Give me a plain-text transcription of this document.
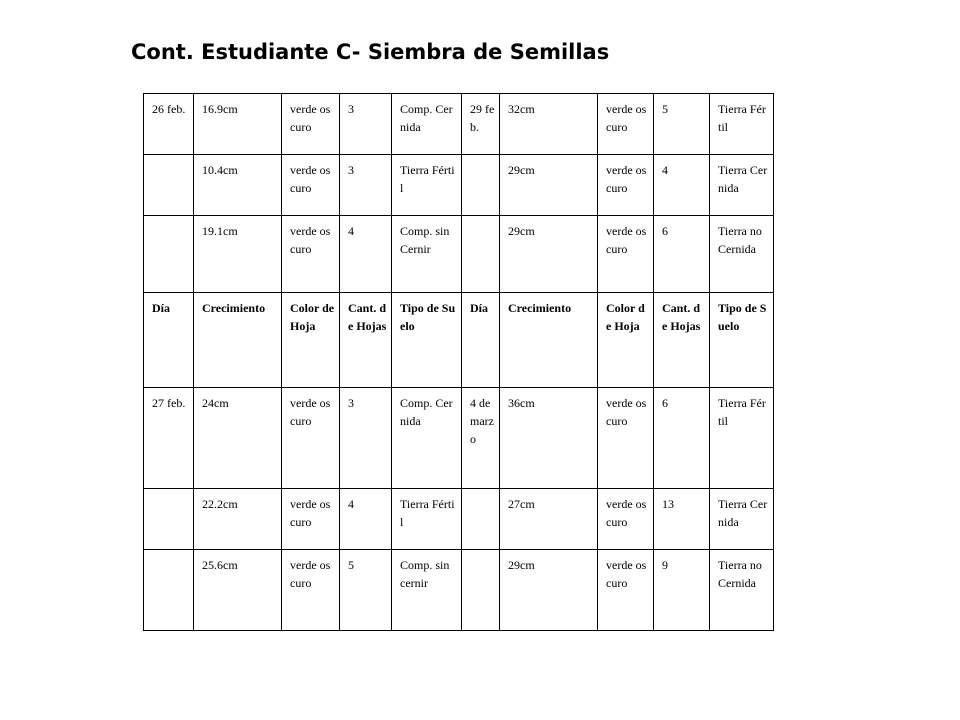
Cont. Estudiante C- Siembra de Semillas
26 feb.	16.9cm	verde oscuro	3	Comp. Cernida	29 feb.	32cm	verde oscuro	5	Tierra Fértil
	10.4cm	verde oscuro	3	Tierra Fértil		29cm	verde oscuro	4	Tierra Cernida
	19.1cm	verde oscuro	4	Comp. sin Cernir		29cm	verde oscuro	6	Tierra no Cernida
Día	Crecimiento	Color de Hoja	Cant. de Hojas	Tipo de Suelo	Día	Crecimiento	Color de Hoja	Cant. de Hojas	Tipo de Suelo
27 feb.	24cm	verde oscuro	3	Comp. Cernida	4 de marzo	36cm	verde oscuro	6	Tierra Fértil
	22.2cm	verde oscuro	4	Tierra Fértil		27cm	verde oscuro	13	Tierra Cernida
	25.6cm	verde oscuro	5	Comp. sin cernir		29cm	verde oscuro	9	Tierra no Cernida
